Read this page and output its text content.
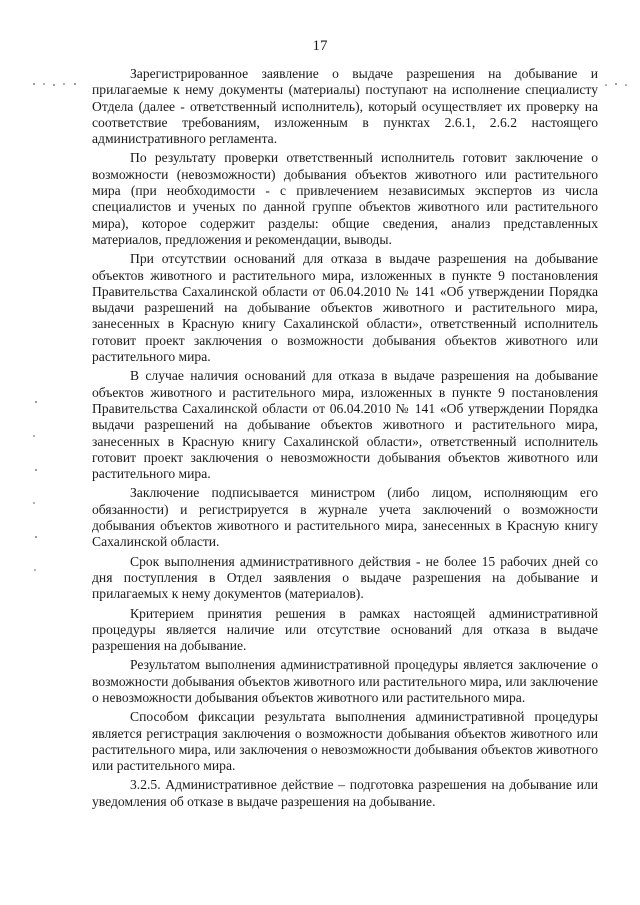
17

Зарегистрированное заявление о выдаче разрешения на добывание и прилагаемые к нему документы (материалы) поступают на исполнение специалисту Отдела (далее - ответственный исполнитель), который осуществляет их проверку на соответствие требованиям, изложенным в пунктах 2.6.1, 2.6.2 настоящего административного регламента.

По результату проверки ответственный исполнитель готовит заключение о возможности (невозможности) добывания объектов животного или растительного мира (при необходимости - с привлечением независимых экспертов из числа специалистов и ученых по данной группе объектов животного или растительного мира), которое содержит разделы: общие сведения, анализ представленных материалов, предложения и рекомендации, выводы.

При отсутствии оснований для отказа в выдаче разрешения на добывание объектов животного и растительного мира, изложенных в пункте 9 постановления Правительства Сахалинской области от 06.04.2010 № 141 «Об утверждении Порядка выдачи разрешений на добывание объектов животного и растительного мира, занесенных в Красную книгу Сахалинской области», ответственный исполнитель готовит проект заключения о возможности добывания объектов животного или растительного мира.

В случае наличия оснований для отказа в выдаче разрешения на добывание объектов животного и растительного мира, изложенных в пункте 9 постановления Правительства Сахалинской области от 06.04.2010 № 141 «Об утверждении Порядка выдачи разрешений на добывание объектов животного и растительного мира, занесенных в Красную книгу Сахалинской области», ответственный исполнитель готовит проект заключения о невозможности добывания объектов животного или растительного мира.

Заключение подписывается министром (либо лицом, исполняющим его обязанности) и регистрируется в журнале учета заключений о возможности добывания объектов животного и растительного мира, занесенных в Красную книгу Сахалинской области.

Срок выполнения административного действия - не более 15 рабочих дней со дня поступления в Отдел заявления о выдаче разрешения на добывание и прилагаемых к нему документов (материалов).

Критерием принятия решения в рамках настоящей административной процедуры является наличие или отсутствие оснований для отказа в выдаче разрешения на добывание.

Результатом выполнения административной процедуры является заключение о возможности добывания объектов животного или растительного мира, или заключение о невозможности добывания объектов животного или растительного мира.

Способом фиксации результата выполнения административной процедуры является регистрация заключения о возможности добывания объектов животного или растительного мира, или заключения о невозможности добывания объектов животного или растительного мира.

3.2.5. Административное действие – подготовка разрешения на добывание или уведомления об отказе в выдаче разрешения на добывание.
